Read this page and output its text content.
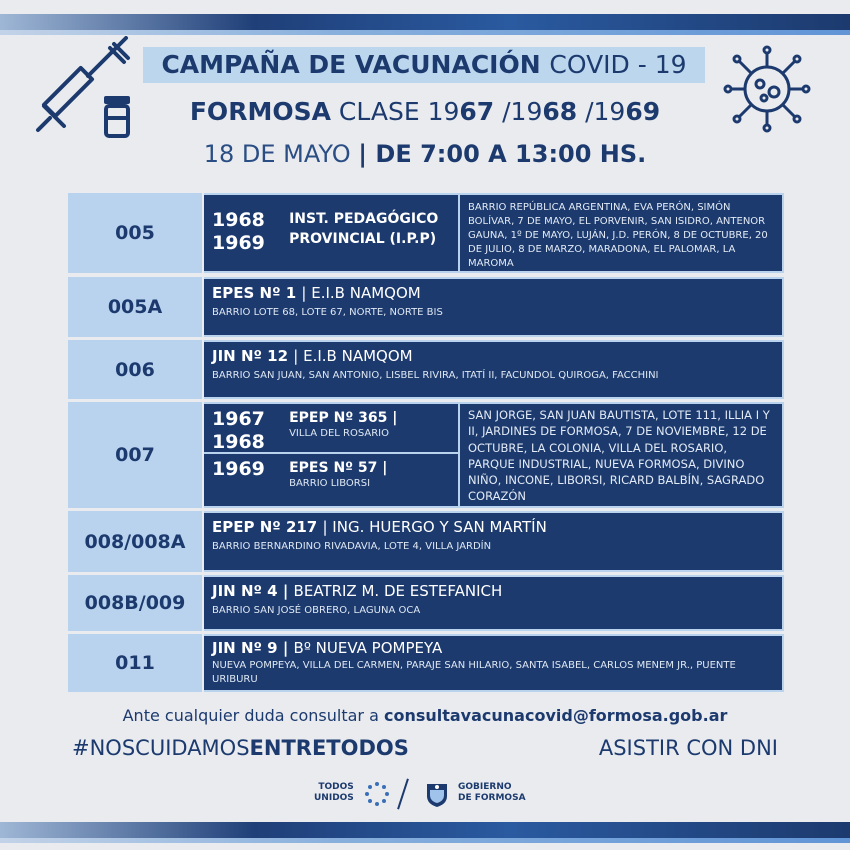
CAMPAÑA DE VACUNACIÓN COVID - 19
FORMOSA CLASE 1967 /1968 /1969
18 DE MAYO | DE 7:00 A 13:00 HS.
005
1968
1969 INST. PEDAGÓGICO
PROVINCIAL (I.P.P)
BARRIO REPÚBLICA ARGENTINA, EVA PERÓN, SIMÓN BOLÍVAR, 7 DE MAYO, EL PORVENIR, SAN ISIDRO, ANTENOR GAUNA, 1º DE MAYO, LUJÁN, J.D. PERÓN, 8 DE OCTUBRE, 20 DE JULIO, 8 DE MARZO, MARADONA, EL PALOMAR, LA MAROMA
005A
EPES Nº 1 | E.I.B NAMQOM
BARRIO LOTE 68, LOTE 67, NORTE, NORTE BIS
006
JIN Nº 12 | E.I.B NAMQOM
BARRIO SAN JUAN, SAN ANTONIO, LISBEL RIVIRA, ITATÍ II, FACUNDOL QUIROGA, FACCHINI
007
1967
1968 EPEP Nº 365 |
VILLA DEL ROSARIO
1969 EPES Nº 57 |
BARRIO LIBORSI
SAN JORGE, SAN JUAN BAUTISTA, LOTE 111, ILLIA I Y II, JARDINES DE FORMOSA, 7 DE NOVIEMBRE, 12 DE OCTUBRE, LA COLONIA, VILLA DEL ROSARIO, PARQUE INDUSTRIAL, NUEVA FORMOSA, DIVINO NIÑO, INCONE, LIBORSI, RICARD BALBÍN, SAGRADO CORAZÓN
008/008A
EPEP Nº 217 | ING. HUERGO Y SAN MARTÍN
BARRIO BERNARDINO RIVADAVIA, LOTE 4, VILLA JARDÍN
008B/009
JIN Nº 4 | BEATRIZ M. DE ESTEFANICH
BARRIO SAN JOSÉ OBRERO, LAGUNA OCA
011
JIN Nº 9 | Bº NUEVA POMPEYA
NUEVA POMPEYA, VILLA DEL CARMEN, PARAJE SAN HILARIO, SANTA ISABEL, CARLOS MENEM JR., PUENTE URIBURU
Ante cualquier duda consultar a consultavacunacovid@formosa.gob.ar
#NOSCUIDAMOSENTRETODOS	ASISTIR CON DNI
TODOS
UNIDOS
GOBIERNO
DE FORMOSA
